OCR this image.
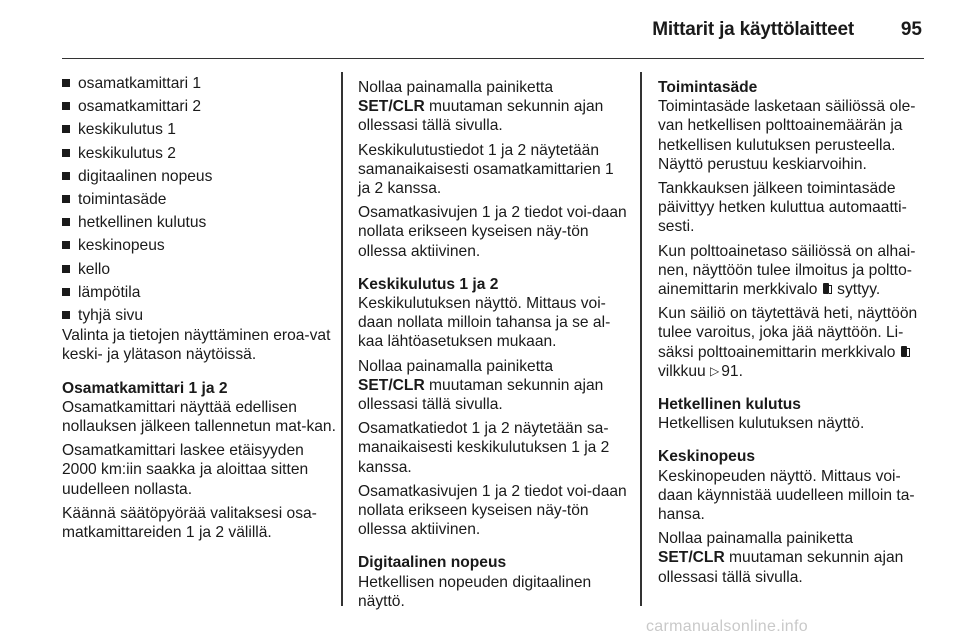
Mittarit ja käyttölaitteet 95
osamatkamittari 1
osamatkamittari 2
keskikulutus 1
keskikulutus 2
digitaalinen nopeus
toimintasäde
hetkellinen kulutus
keskinopeus
kello
lämpötila
tyhjä sivu

Valinta ja tietojen näyttäminen eroa-vat keski- ja ylätason näytöissä.

Osamatkamittari 1 ja 2

Osamatkamittari näyttää edellisen nollauksen jälkeen tallennetun mat-kan.

Osamatkamittari laskee etäisyyden 2000 km:iin saakka ja aloittaa sitten uudelleen nollasta.

Käännä säätöpyörää valitaksesi osa-matkamittareiden 1 ja 2 välillä.

Nollaa painamalla painiketta
SET/CLR muutaman sekunnin ajan ollessasi tällä sivulla.

Keskikulutustiedot 1 ja 2 näytetään samanaikaisesti osamatkamittarien 1 ja 2 kanssa.

Osamatkasivujen 1 ja 2 tiedot voi-daan nollata erikseen kyseisen näy-tön ollessa aktiivinen.

Keskikulutus 1 ja 2

Keskikulutuksen näyttö. Mittaus voi-daan nollata milloin tahansa ja se al-kaa lähtöasetuksen mukaan.

Nollaa painamalla painiketta
SET/CLR muutaman sekunnin ajan ollessasi tällä sivulla.

Osamatkatiedot 1 ja 2 näytetään sa-manaikaisesti keskikulutuksen 1 ja 2 kanssa.

Osamatkasivujen 1 ja 2 tiedot voi-daan nollata erikseen kyseisen näy-tön ollessa aktiivinen.

Digitaalinen nopeus

Hetkellisen nopeuden digitaalinen näyttö.

Toimintasäde

Toimintasäde lasketaan säiliössä ole-van hetkellisen polttoainemäärän ja hetkellisen kulutuksen perusteella. Näyttö perustuu keskiarvoihin.

Tankkauksen jälkeen toimintasäde päivittyy hetken kuluttua automaatti-sesti.

Kun polttoainetaso säiliössä on alhai-nen, näyttöön tulee ilmoitus ja poltto-ainemittarin merkkivalo  syttyy.

Kun säiliö on täytettävä heti, näyttöön tulee varoitus, joka jää näyttöön. Li-säksi polttoainemittarin merkkivalo
vilkkuu ▷ 91.

Hetkellinen kulutus

Hetkellisen kulutuksen näyttö.

Keskinopeus

Keskinopeuden näyttö. Mittaus voi-daan käynnistää uudelleen milloin ta-hansa.

Nollaa painamalla painiketta
SET/CLR muutaman sekunnin ajan ollessasi tällä sivulla.

carmanualsonline.info
